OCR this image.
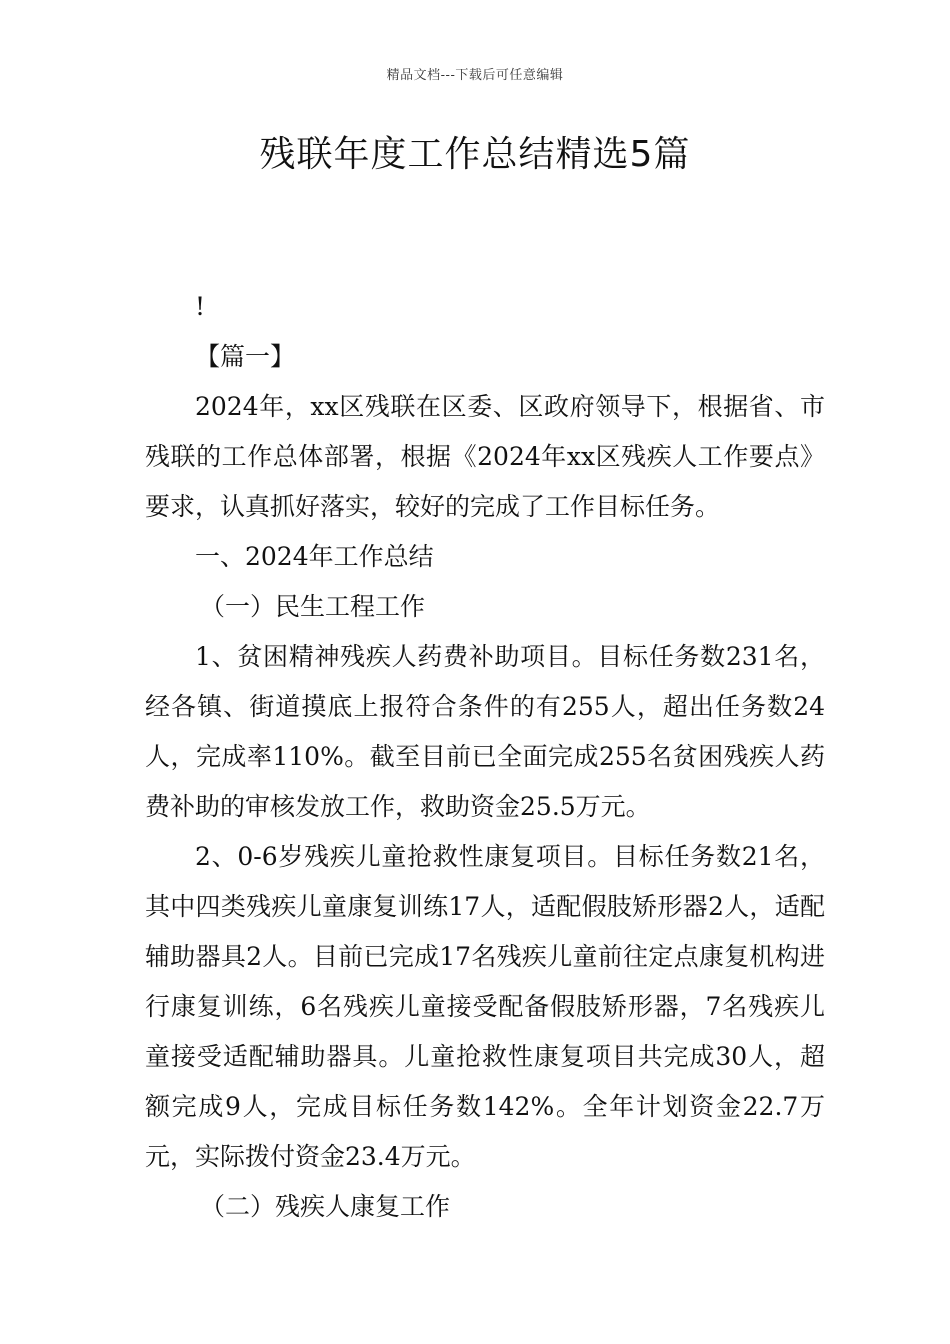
精品文档---下载后可任意编辑
残联年度工作总结精选5篇

!

【篇一】

2024年，xx区残联在区委、区政府领导下，根据省、市残联的工作总体部署，根据《2024年xx区残疾人工作要点》要求，认真抓好落实，较好的完成了工作目标任务。

一、2024年工作总结

（一）民生工程工作

1、贫困精神残疾人药费补助项目。目标任务数231名，经各镇、街道摸底上报符合条件的有255人，超出任务数24人，完成率110%。截至目前已全面完成255名贫困残疾人药费补助的审核发放工作，救助资金25.5万元。

2、0-6岁残疾儿童抢救性康复项目。目标任务数21名，其中四类残疾儿童康复训练17人，适配假肢矫形器2人，适配辅助器具2人。目前已完成17名残疾儿童前往定点康复机构进行康复训练，6名残疾儿童接受配备假肢矫形器，7名残疾儿童接受适配辅助器具。儿童抢救性康复项目共完成30人，超额完成9人，完成目标任务数142%。全年计划资金22.7万元，实际拨付资金23.4万元。

（二）残疾人康复工作
